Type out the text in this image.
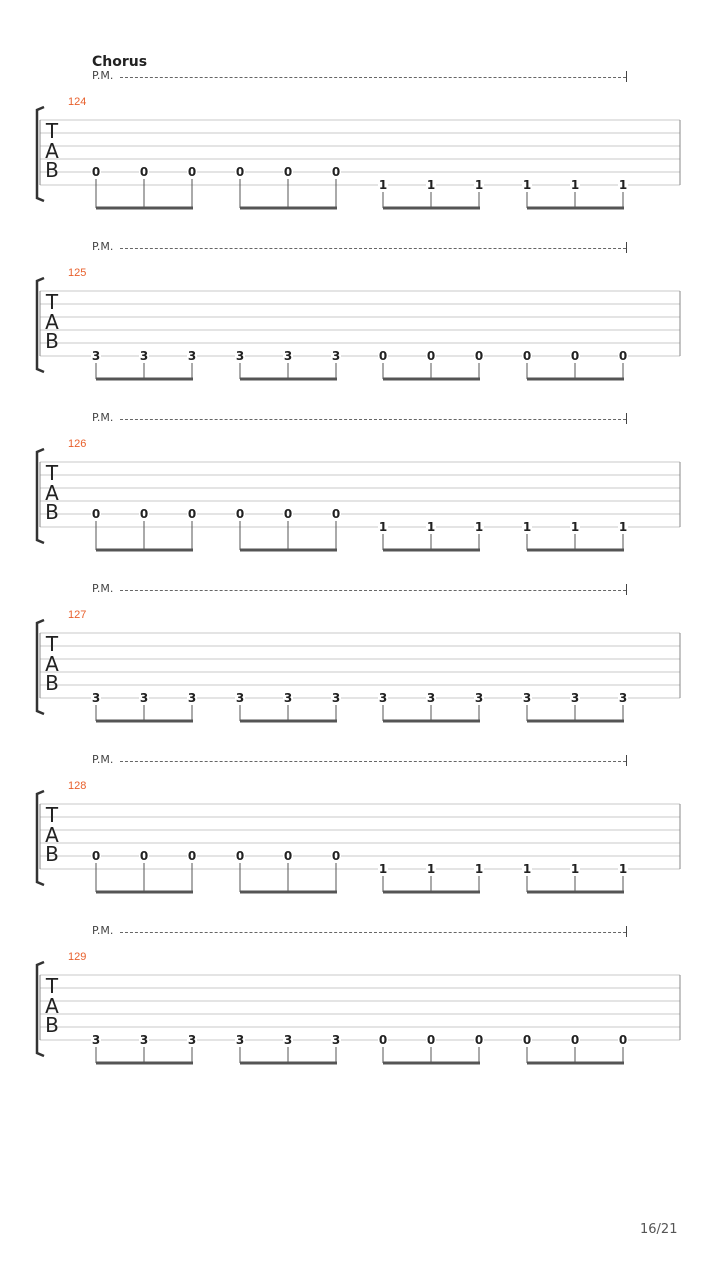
Chorus
P.M.
124
T
A
B	0	0	0	0	0	0
1	1	1	1	1	1
P.M.
125
T
A
B
3	3	3	3	3	3	0	0	0	0	0	0
P.M.
126
T
A
B	0	0	0	0	0	0
1	1	1	1	1	1
P.M.
127
T
A
B
3	3	3	3	3	3	3	3	3	3	3	3
P.M.
128
T
A
B	0	0	0	0	0	0
1	1	1	1	1	1
P.M.
129
T
A
B
3	3	3	3	3	3	0	0	0	0	0	0
16/21
